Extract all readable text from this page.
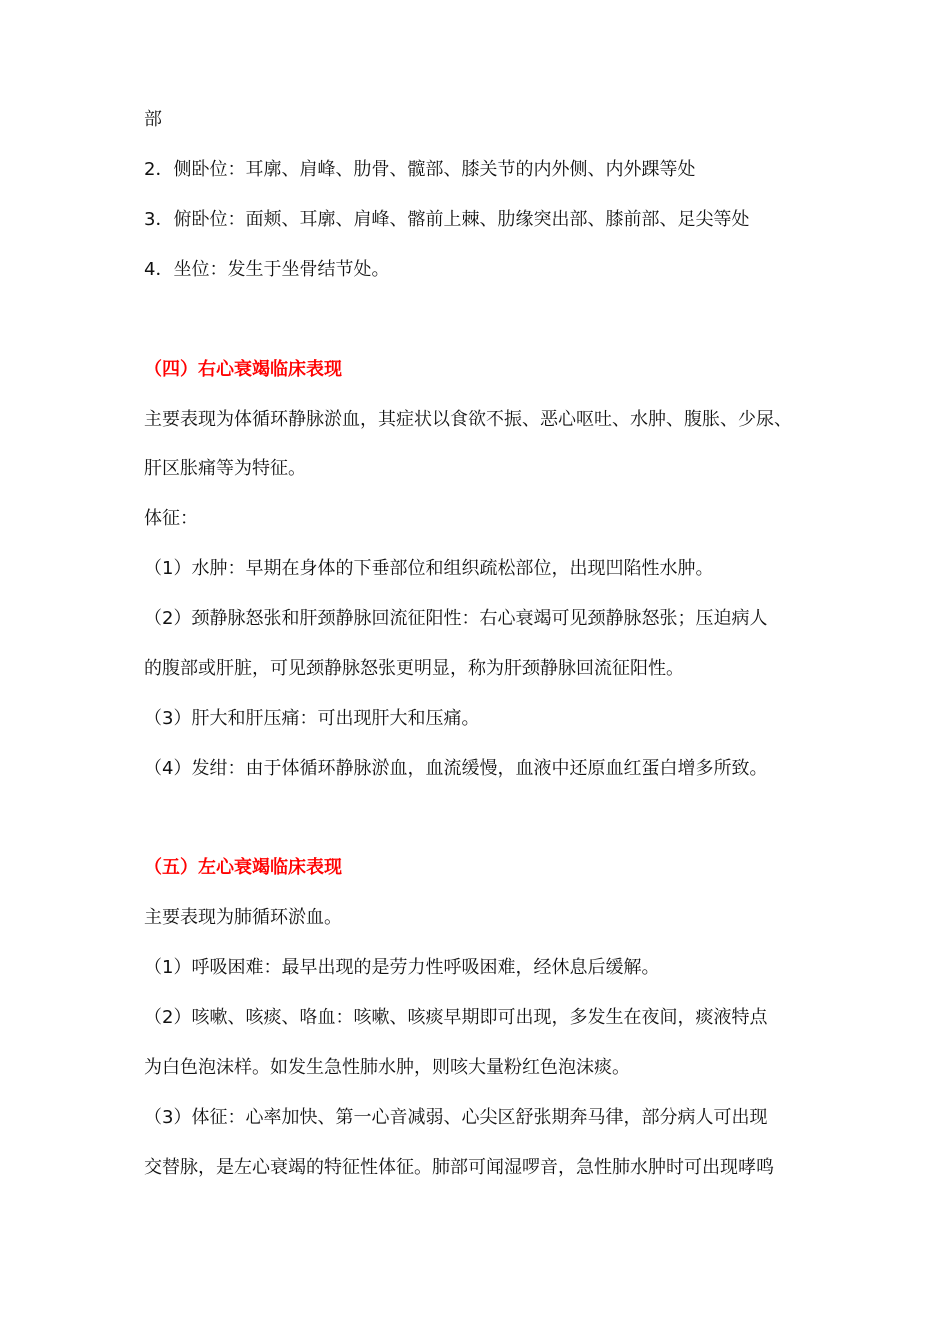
部
2．侧卧位：耳廓、肩峰、肋骨、髋部、膝关节的内外侧、内外踝等处
3．俯卧位：面颊、耳廓、肩峰、髂前上棘、肋缘突出部、膝前部、足尖等处
4．坐位：发生于坐骨结节处。
（四）右心衰竭临床表现
主要表现为体循环静脉淤血，其症状以食欲不振、恶心呕吐、水肿、腹胀、少尿、
肝区胀痛等为特征。
体征：
（1）水肿：早期在身体的下垂部位和组织疏松部位，出现凹陷性水肿。
（2）颈静脉怒张和肝颈静脉回流征阳性：右心衰竭可见颈静脉怒张；压迫病人
的腹部或肝脏，可见颈静脉怒张更明显，称为肝颈静脉回流征阳性。
（3）肝大和肝压痛：可出现肝大和压痛。
（4）发绀：由于体循环静脉淤血，血流缓慢，血液中还原血红蛋白增多所致。
（五）左心衰竭临床表现
主要表现为肺循环淤血。
（1）呼吸困难：最早出现的是劳力性呼吸困难，经休息后缓解。
（2）咳嗽、咳痰、咯血：咳嗽、咳痰早期即可出现，多发生在夜间，痰液特点
为白色泡沫样。如发生急性肺水肿，则咳大量粉红色泡沫痰。
（3）体征：心率加快、第一心音减弱、心尖区舒张期奔马律，部分病人可出现
交替脉，是左心衰竭的特征性体征。肺部可闻湿啰音，急性肺水肿时可出现哮鸣
